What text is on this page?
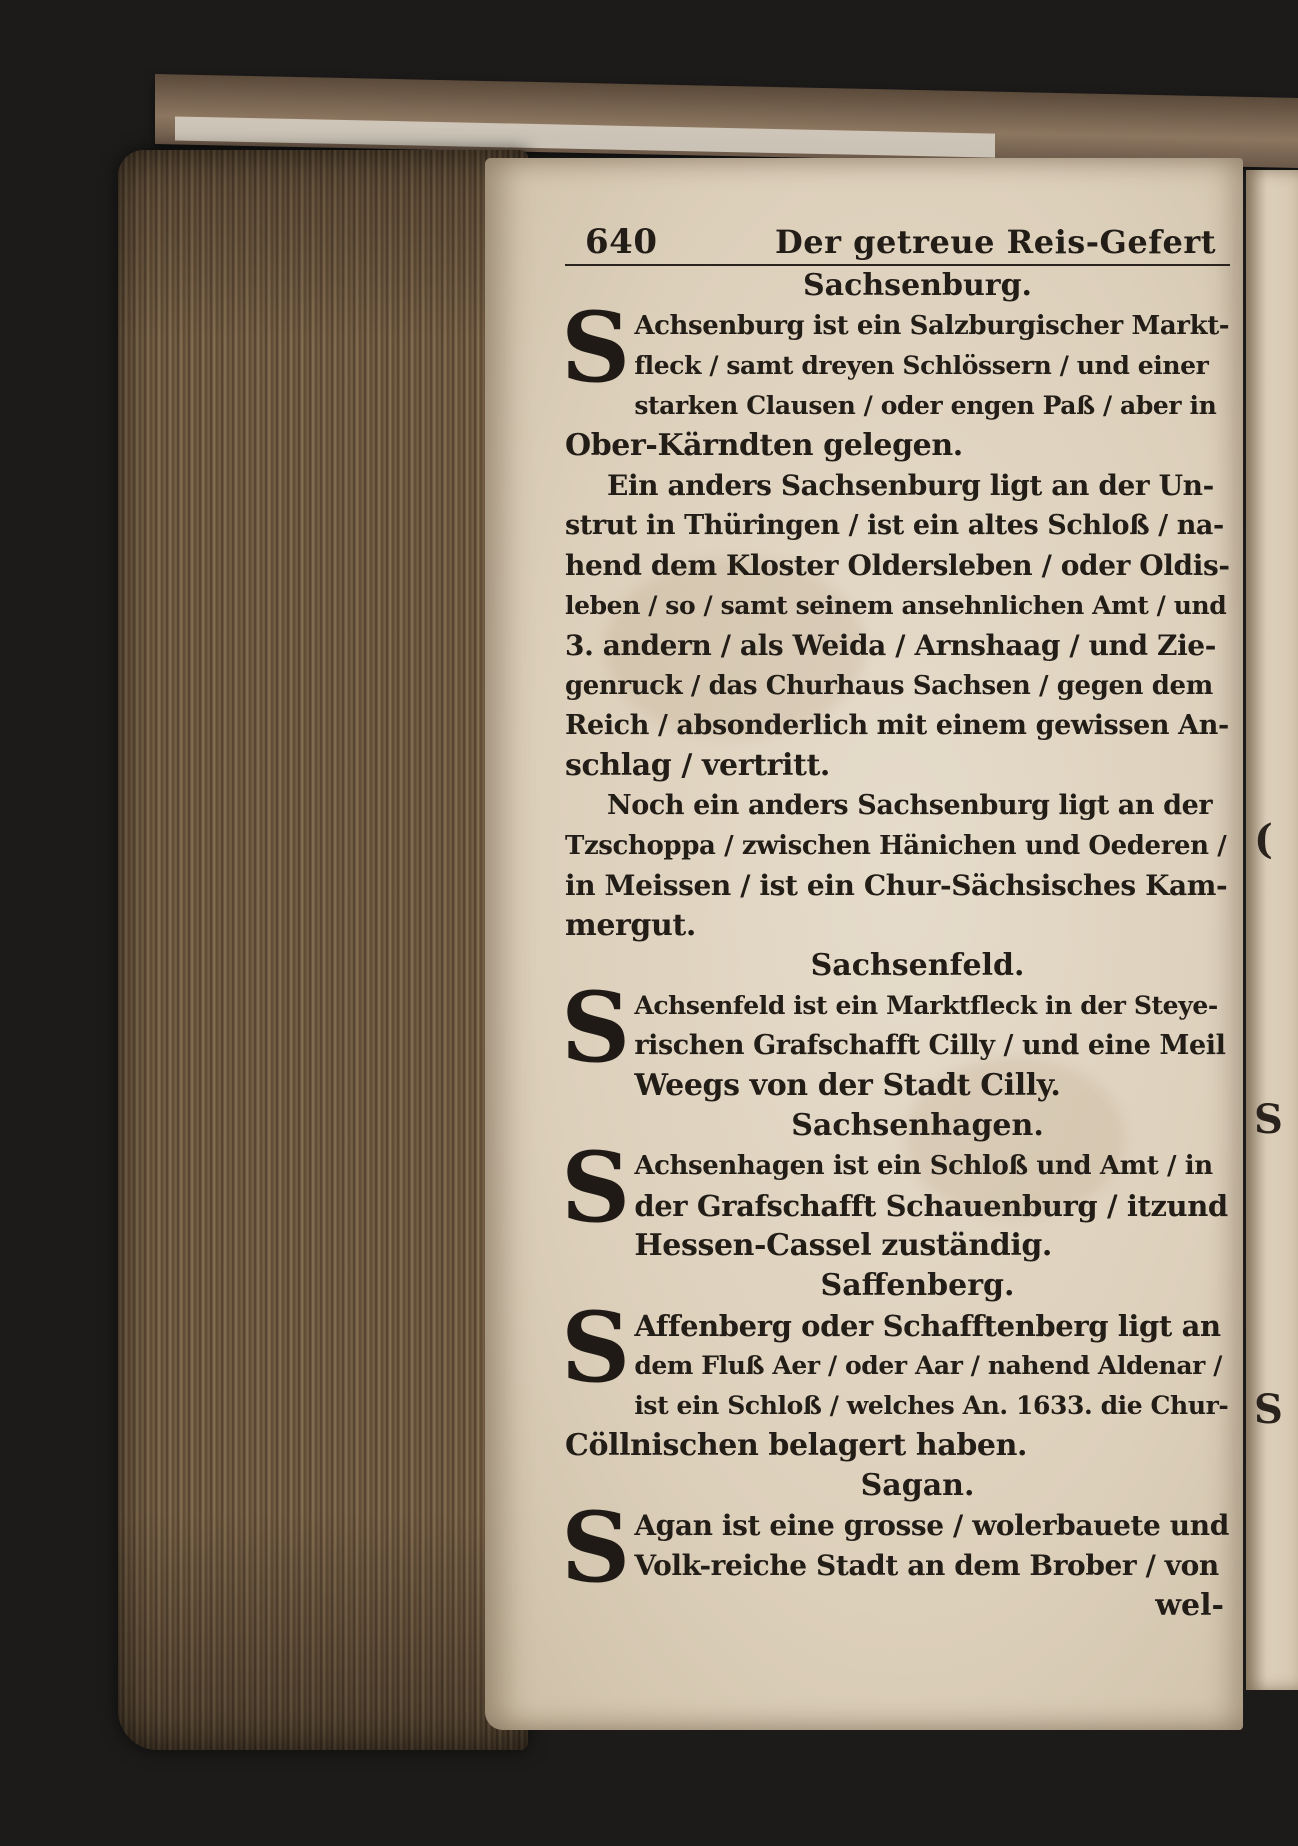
(
S
S
640	Der getreue Reis-Gefert
Sachsenburg.
S Achsenburg ist ein Salzburgischer Markt-
fleck / samt dreyen Schlössern / und einer
starken Clausen / oder engen Paß / aber in
Ober-Kärndten gelegen.
Ein anders Sachsenburg ligt an der Un-
strut in Thüringen / ist ein altes Schloß / na-
hend dem Kloster Oldersleben / oder Oldis-
leben / so / samt seinem ansehnlichen Amt / und
3. andern / als Weida / Arnshaag / und Zie-
genruck / das Churhaus Sachsen / gegen dem
Reich / absonderlich mit einem gewissen An-
schlag / vertritt.
Noch ein anders Sachsenburg ligt an der
Tzschoppa / zwischen Hänichen und Oederen /
in Meissen / ist ein Chur-Sächsisches Kam-
mergut.
Sachsenfeld.
S Achsenfeld ist ein Marktfleck in der Steye-
rischen Grafschafft Cilly / und eine Meil
Weegs von der Stadt Cilly.
Sachsenhagen.
S Achsenhagen ist ein Schloß und Amt / in
der Grafschafft Schauenburg / itzund
Hessen-Cassel zuständig.
Saffenberg.
S Affenberg oder Schafftenberg ligt an
dem Fluß Aer / oder Aar / nahend Aldenar /
ist ein Schloß / welches An. 1633. die Chur-
Cöllnischen belagert haben.
Sagan.
S Agan ist eine grosse / wolerbauete und
Volk-reiche Stadt an dem Brober / von
wel-
